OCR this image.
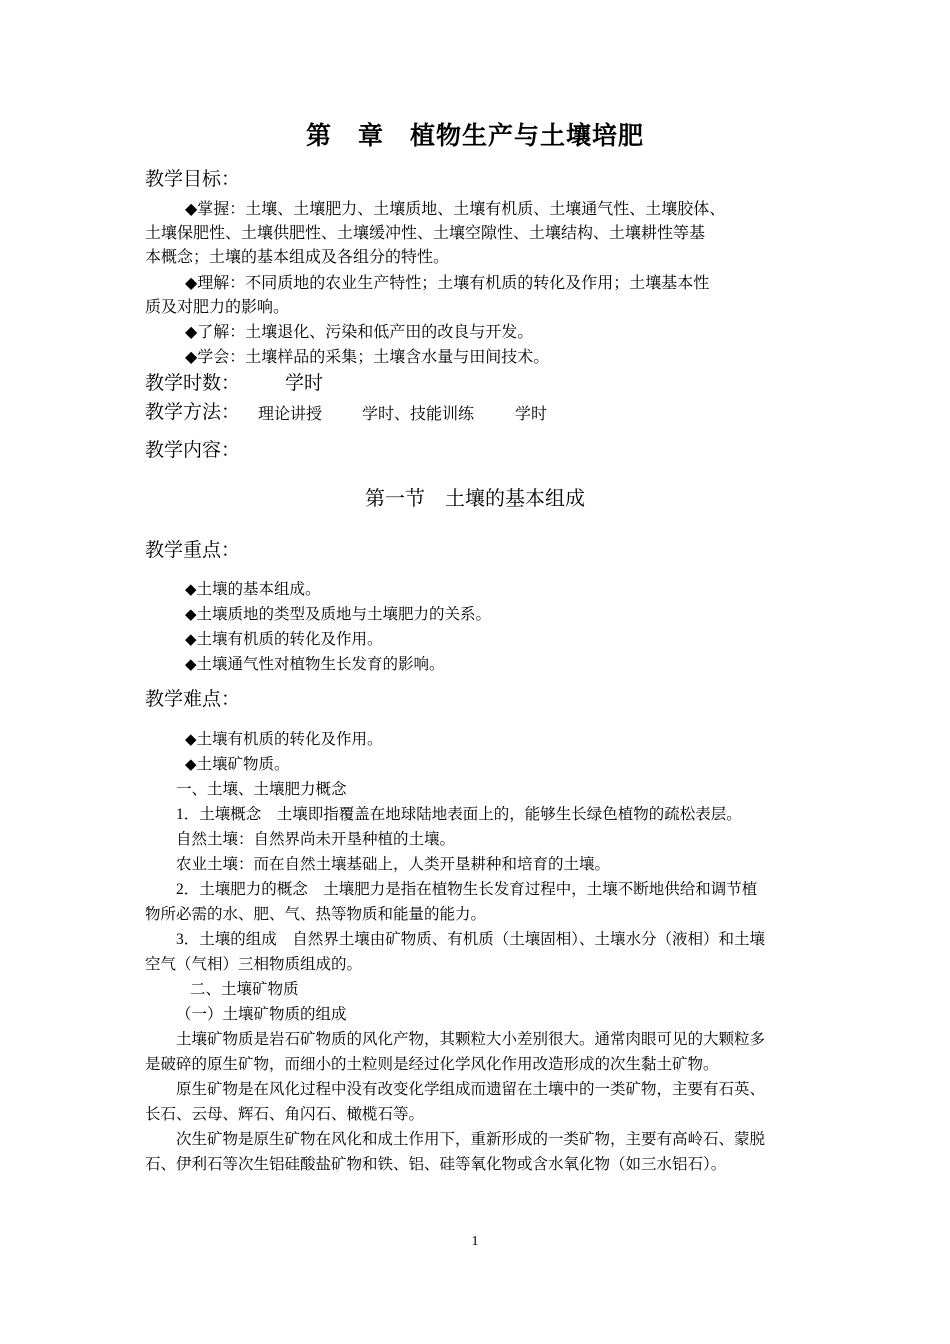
第　章　植物生产与土壤培肥
教学目标：
◆掌握：土壤、土壤肥力、土壤质地、土壤有机质、土壤通气性、土壤胶体、
土壤保肥性、土壤供肥性、土壤缓冲性、土壤空隙性、土壤结构、土壤耕性等基
本概念；土壤的基本组成及各组分的特性。
◆理解：不同质地的农业生产特性；土壤有机质的转化及作用；土壤基本性
质及对肥力的影响。
◆了解：土壤退化、污染和低产田的改良与开发。
◆学会：土壤样品的采集；土壤含水量与田间技术。
教学时数： 学时
教学方法： 理论讲授 学时、技能训练	学时
教学内容：
第一节　土壤的基本组成
教学重点：
◆土壤的基本组成。
◆土壤质地的类型及质地与土壤肥力的关系。
◆土壤有机质的转化及作用。
◆土壤通气性对植物生长发育的影响。
教学难点：
◆土壤有机质的转化及作用。
◆土壤矿物质。
一、土壤、土壤肥力概念
1．土壤概念　土壤即指覆盖在地球陆地表面上的，能够生长绿色植物的疏松表层。
自然土壤：自然界尚未开垦种植的土壤。
农业土壤：而在自然土壤基础上，人类开垦耕种和培育的土壤。
2．土壤肥力的概念　土壤肥力是指在植物生长发育过程中，土壤不断地供给和调节植
物所必需的水、肥、气、热等物质和能量的能力。
3．土壤的组成　自然界土壤由矿物质、有机质（土壤固相）、土壤水分（液相）和土壤
空气（气相）三相物质组成的。
二、土壤矿物质
（一）土壤矿物质的组成
土壤矿物质是岩石矿物质的风化产物，其颗粒大小差别很大。通常肉眼可见的大颗粒多
是破碎的原生矿物，而细小的土粒则是经过化学风化作用改造形成的次生黏土矿物。
原生矿物是在风化过程中没有改变化学组成而遗留在土壤中的一类矿物，主要有石英、
长石、云母、辉石、角闪石、橄榄石等。
次生矿物是原生矿物在风化和成土作用下，重新形成的一类矿物，主要有高岭石、蒙脱
石、伊利石等次生铝硅酸盐矿物和铁、铝、硅等氧化物或含水氧化物（如三水铝石）。
1
